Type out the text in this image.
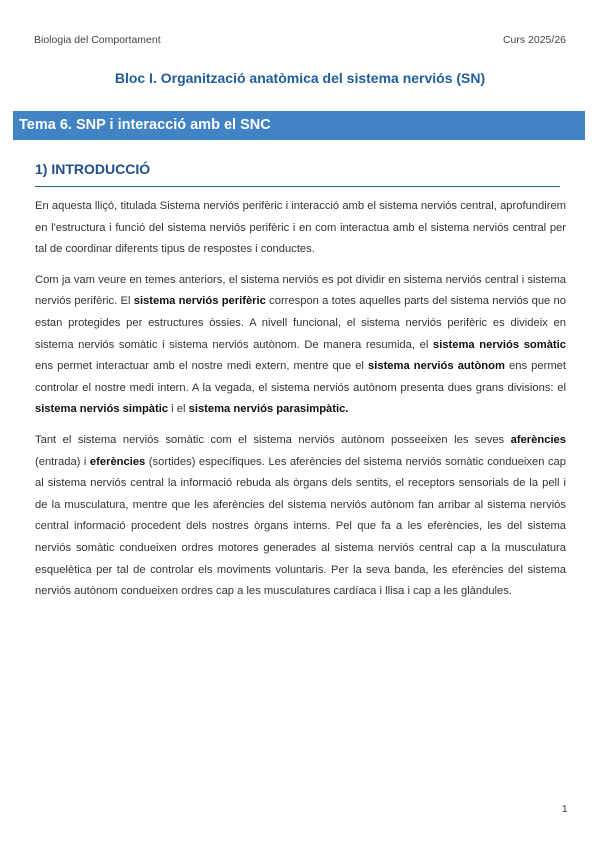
Biologia del Comportament	Curs 2025/26
Bloc I. Organització anatòmica del sistema nerviós (SN)
Tema 6. SNP i interacció amb el SNC
1) INTRODUCCIÓ

En aquesta lliçó, titulada Sistema nerviós perifèric i interacció amb el sistema nerviós central, aprofundirem en l'estructura i funció del sistema nerviós perifèric i en com interactua amb el sistema nerviós central per tal de coordinar diferents tipus de respostes i conductes.

Com ja vam veure en temes anteriors, el sistema nerviós es pot dividir en sistema nerviós central i sistema nerviós perifèric. El sistema nerviós perifèric correspon a totes aquelles parts del sistema nerviós que no estan protegides per estructures òssies. A nivell funcional, el sistema nerviós perifèric es divideix en sistema nerviós somàtic i sistema nerviós autònom. De manera resumida, el sistema nerviós somàtic ens permet interactuar amb el nostre medi extern, mentre que el sistema nerviós autònom ens permet controlar el nostre medi intern. A la vegada, el sistema nerviós autònom presenta dues grans divisions: el sistema nerviós simpàtic i el sistema nerviós parasimpàtic.

Tant el sistema nerviós somàtic com el sistema nerviós autònom posseeixen les seves aferències (entrada) i eferències (sortides) específiques. Les aferències del sistema nerviós somàtic condueixen cap al sistema nerviós central la informació rebuda als òrgans dels sentits, el receptors sensorials de la pell i de la musculatura, mentre que les aferències del sistema nerviós autònom fan arribar al sistema nerviós central informació procedent dels nostres òrgans interns. Pel que fa a les eferències, les del sistema nerviós somàtic condueixen ordres motores generades al sistema nerviós central cap a la musculatura esquelètica per tal de controlar els moviments voluntaris. Per la seva banda, les eferències del sistema nerviós autònom condueixen ordres cap a les musculatures cardíaca i llisa i cap a les glàndules.

1
